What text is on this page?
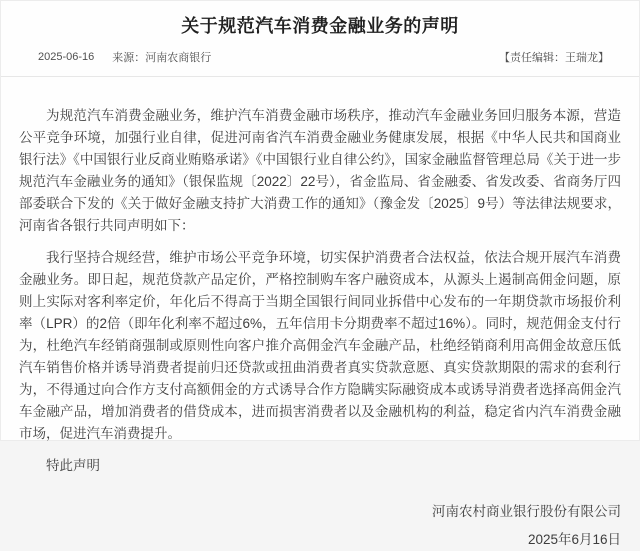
关于规范汽车消费金融业务的声明
2025-06-16 来源：河南农商银行	【责任编辑：王瑞龙】

为规范汽车消费金融业务，维护汽车消费金融市场秩序，推动汽车金融业务回归服务本源，营造公平竞争环境，加强行业自律，促进河南省汽车消费金融业务健康发展，根据《中华人民共和国商业银行法》《中国银行业反商业贿赂承诺》《中国银行业自律公约》，国家金融监督管理总局《关于进一步规范汽车金融业务的通知》（银保监规〔2022〕22号），省金监局、省金融委、省发改委、省商务厅四部委联合下发的《关于做好金融支持扩大消费工作的通知》（豫金发〔2025〕9号）等法律法规要求，河南省各银行共同声明如下：

我行坚持合规经营，维护市场公平竞争环境，切实保护消费者合法权益，依法合规开展汽车消费金融业务。即日起，规范贷款产品定价，严格控制购车客户融资成本，从源头上遏制高佣金问题，原则上实际对客利率定价，年化后不得高于当期全国银行间同业拆借中心发布的一年期贷款市场报价利率（LPR）的2倍（即年化利率不超过6%，五年信用卡分期费率不超过16%）。同时，规范佣金支付行为，杜绝汽车经销商强制或原则性向客户推介高佣金汽车金融产品，杜绝经销商利用高佣金故意压低汽车销售价格并诱导消费者提前归还贷款或扭曲消费者真实贷款意愿、真实贷款期限的需求的套利行为，不得通过向合作方支付高额佣金的方式诱导合作方隐瞒实际融资成本或诱导消费者选择高佣金汽车金融产品，增加消费者的借贷成本，进而损害消费者以及金融机构的利益，稳定省内汽车消费金融市场，促进汽车消费提升。

特此声明

河南农村商业银行股份有限公司

2025年6月16日
